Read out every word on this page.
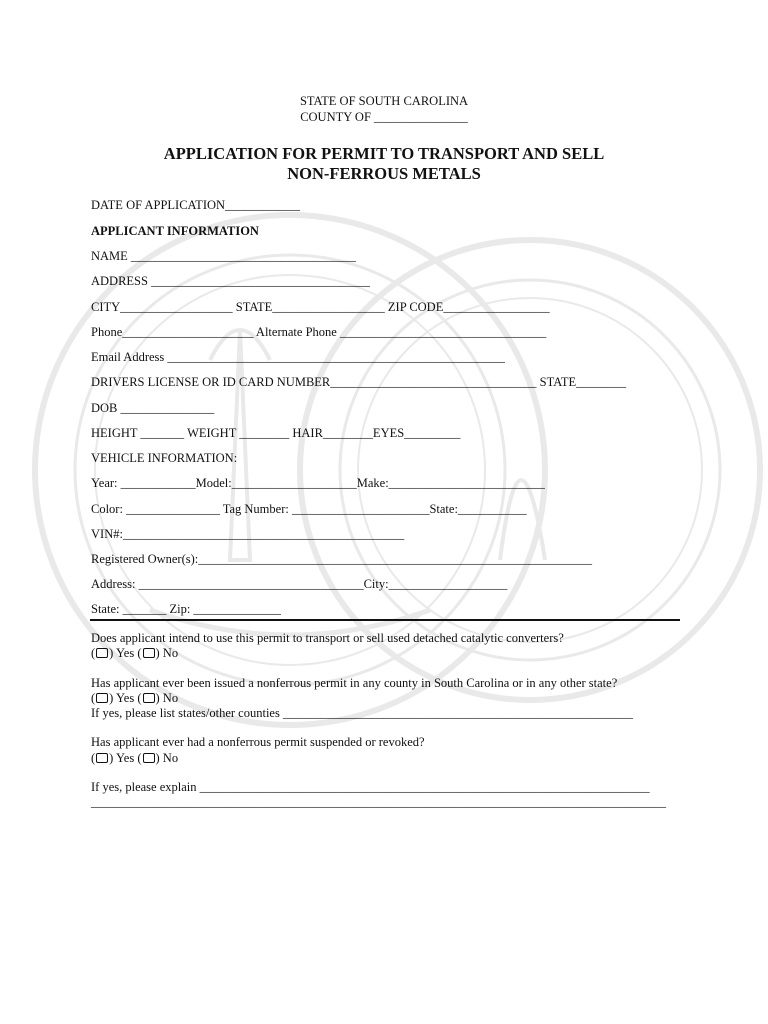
STATE OF SOUTH CAROLINA
COUNTY OF _______________
APPLICATION FOR PERMIT TO TRANSPORT AND SELL
NON-FERROUS METALS
DATE OF APPLICATION____________
APPLICANT INFORMATION
NAME ____________________________________
ADDRESS ___________________________________
CITY__________________ STATE__________________ ZIP CODE_________________
Phone_____________________ Alternate Phone _________________________________
Email Address ______________________________________________________
DRIVERS LICENSE OR ID CARD NUMBER_________________________________ STATE________
DOB _______________
HEIGHT _______ WEIGHT ________ HAIR________EYES_________
VEHICLE INFORMATION:
Year: ____________Model:____________________Make:_________________________
Color: _______________ Tag Number: ______________________State:___________
VIN#:_____________________________________________
Registered Owner(s):_______________________________________________________________
Address: ____________________________________City:___________________
State: _______ Zip: ______________
Does applicant intend to use this permit to transport or sell used detached catalytic converters?
( ) Yes ( ) No
Has applicant ever been issued a nonferrous permit in any county in South Carolina or in any other state?
( ) Yes ( ) No
If yes, please list states/other counties ________________________________________________________
Has applicant ever had a nonferrous permit suspended or revoked?
( ) Yes ( ) No
If yes, please explain ________________________________________________________________________
____________________________________________________________________________________________
